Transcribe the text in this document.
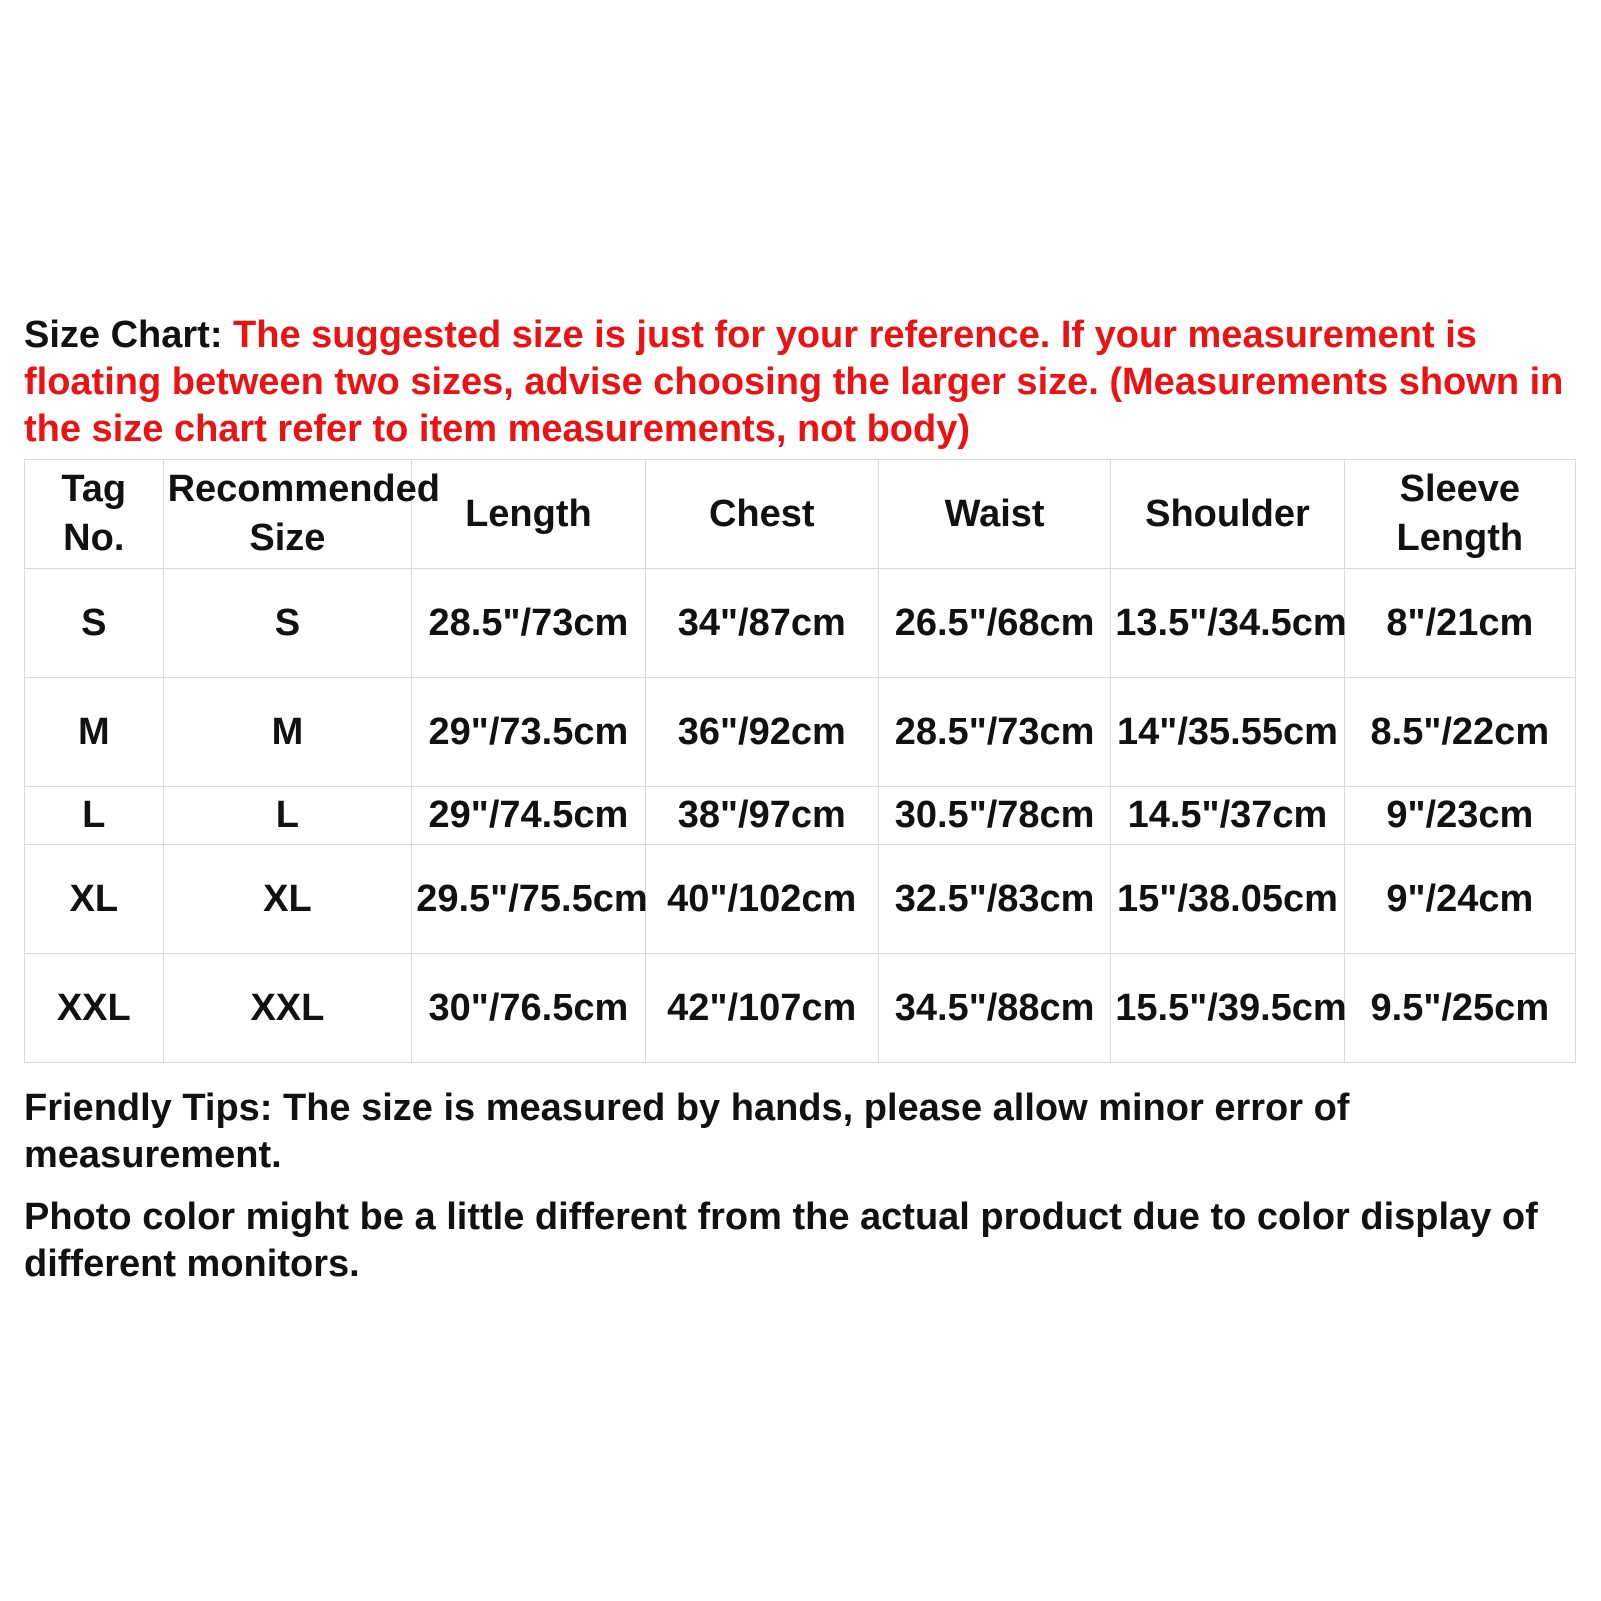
Size Chart: The suggested size is just for your reference. If your measurement is floating between two sizes, advise choosing the larger size. (Measurements shown in the size chart refer to item measurements, not body)

Tag No.	Recommended Size	Length	Chest	Waist	Shoulder	Sleeve Length
S	S	28.5"/73cm	34"/87cm	26.5"/68cm	13.5"/34.5cm	8"/21cm
M	M	29"/73.5cm	36"/92cm	28.5"/73cm	14"/35.55cm	8.5"/22cm
L	L	29"/74.5cm	38"/97cm	30.5"/78cm	14.5"/37cm	9"/23cm
XL	XL	29.5"/75.5cm	40"/102cm	32.5"/83cm	15"/38.05cm	9"/24cm
XXL	XXL	30"/76.5cm	42"/107cm	34.5"/88cm	15.5"/39.5cm	9.5"/25cm

Friendly Tips: The size is measured by hands, please allow minor error of measurement.

Photo color might be a little different from the actual product due to color display of different monitors.
